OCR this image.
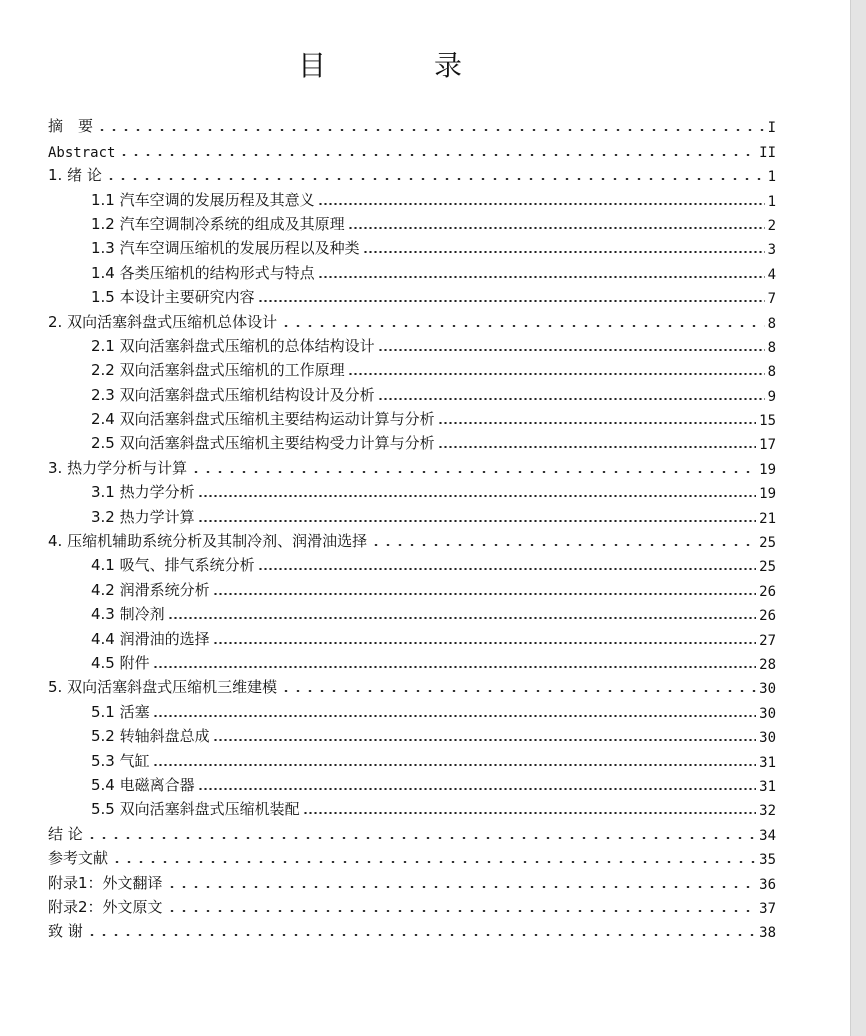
目　录
摘　要	I
Abstract	II
1. 绪 论	1
1.1 汽车空调的发展历程及其意义	1
1.2 汽车空调制冷系统的组成及其原理	2
1.3 汽车空调压缩机的发展历程以及种类	3
1.4 各类压缩机的结构形式与特点	4
1.5 本设计主要研究内容	7
2. 双向活塞斜盘式压缩机总体设计	8
2.1 双向活塞斜盘式压缩机的总体结构设计	8
2.2 双向活塞斜盘式压缩机的工作原理	8
2.3 双向活塞斜盘式压缩机结构设计及分析	9
2.4 双向活塞斜盘式压缩机主要结构运动计算与分析	15
2.5 双向活塞斜盘式压缩机主要结构受力计算与分析	17
3. 热力学分析与计算	19
3.1 热力学分析	19
3.2 热力学计算	21
4. 压缩机辅助系统分析及其制冷剂、润滑油选择	25
4.1 吸气、排气系统分析	25
4.2 润滑系统分析	26
4.3 制冷剂	26
4.4 润滑油的选择	27
4.5 附件	28
5. 双向活塞斜盘式压缩机三维建模	30
5.1 活塞	30
5.2 转轴斜盘总成	30
5.3 气缸	31
5.4 电磁离合器	31
5.5 双向活塞斜盘式压缩机装配	32
结 论	34
参考文献	35
附录1：外文翻译	36
附录2：外文原文	37
致 谢	38
